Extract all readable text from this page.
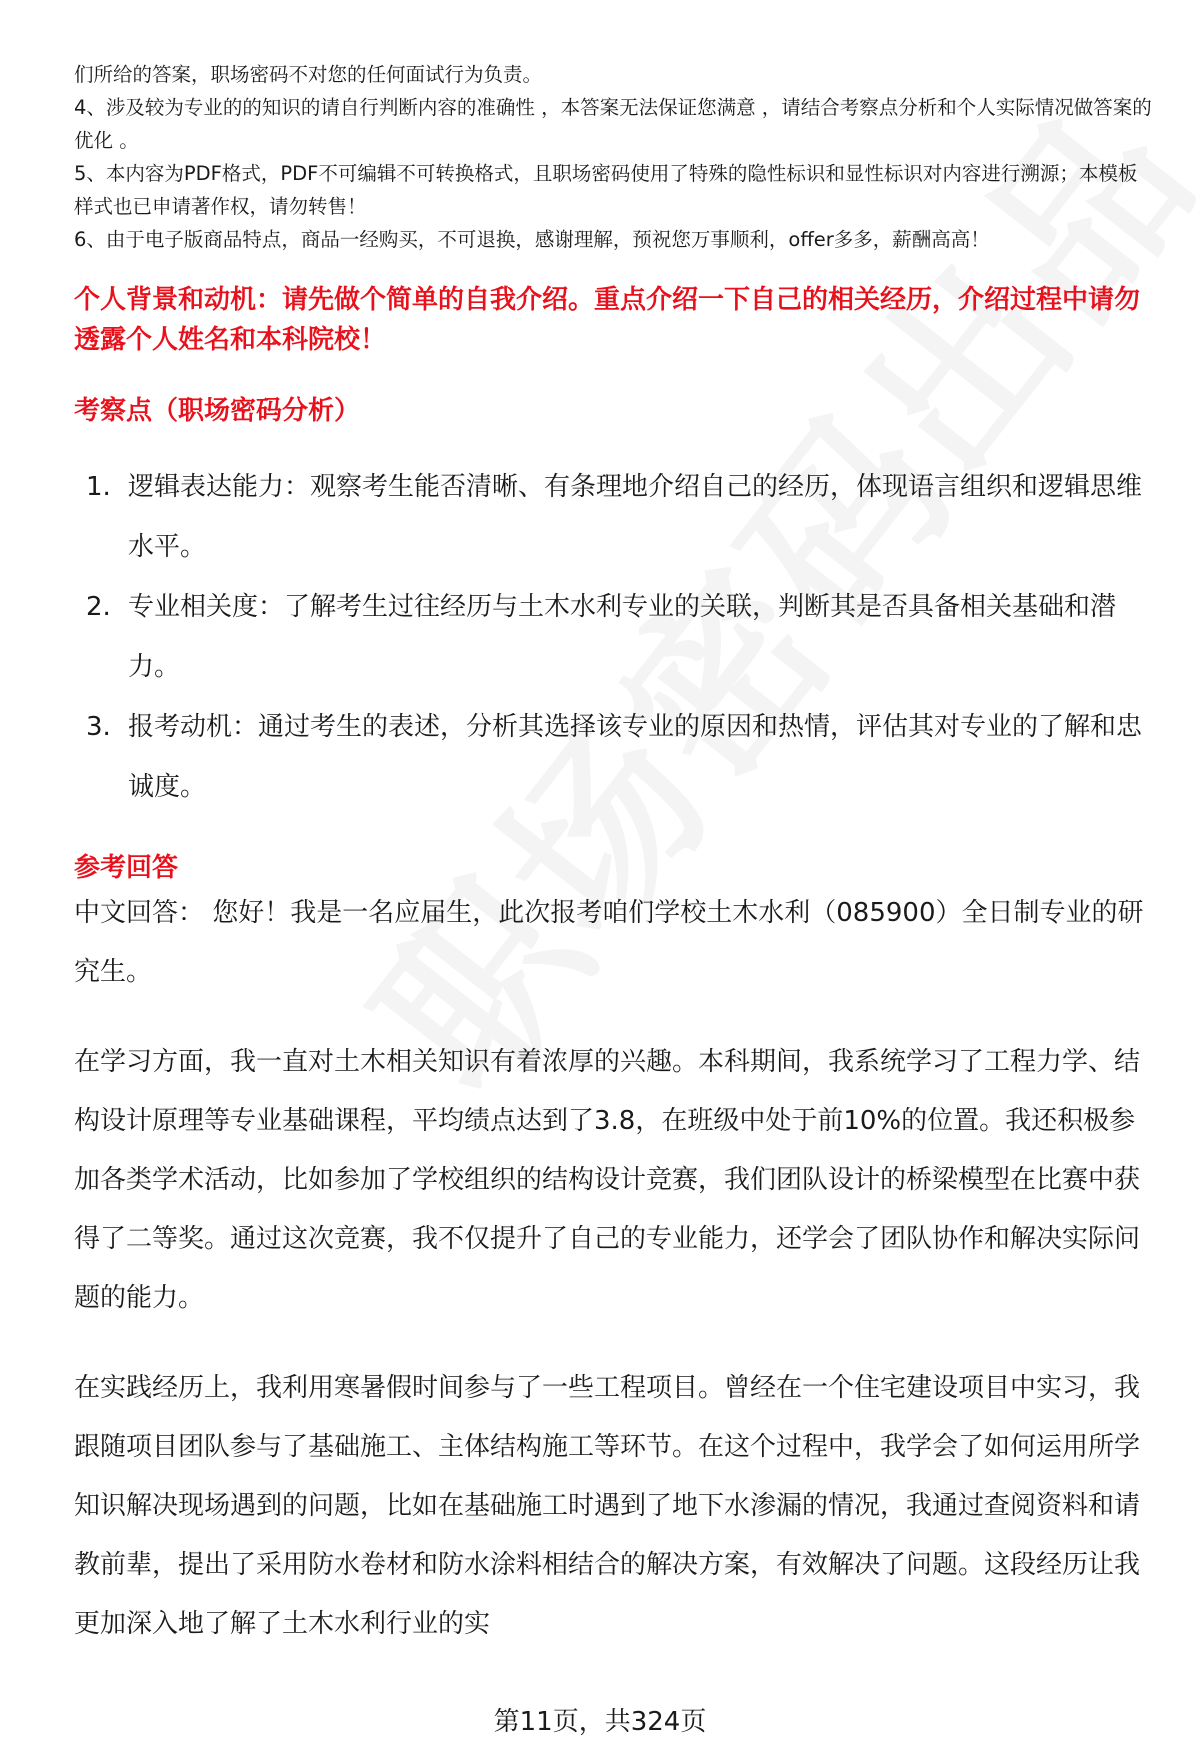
们所给的答案，职场密码不对您的任何面试行为负责。

4、涉及较为专业的的知识的请自行判断内容的准确性 ，本答案无法保证您满意 ，请结合考察点分析和个人实际情况做答案的优化 。

5、本内容为PDF格式，PDF不可编辑不可转换格式，且职场密码使用了特殊的隐性标识和显性标识对内容进行溯源；本模板样式也已申请著作权，请勿转售！

6、由于电子版商品特点，商品一经购买，不可退换，感谢理解，预祝您万事顺利，offer多多，薪酬高高！

个人背景和动机：请先做个简单的自我介绍。重点介绍一下自己的相关经历，介绍过程中请勿透露个人姓名和本科院校！
考察点（职场密码分析）
1. 逻辑表达能力：观察考生能否清晰、有条理地介绍自己的经历，体现语言组织和逻辑思维水平。
2. 专业相关度：了解考生过往经历与土木水利专业的关联，判断其是否具备相关基础和潜力。
3. 报考动机：通过考生的表述，分析其选择该专业的原因和热情，评估其对专业的了解和忠诚度。
参考回答

中文回答： 您好！我是一名应届生，此次报考咱们学校土木水利（085900）全日制专业的研究生。

在学习方面，我一直对土木相关知识有着浓厚的兴趣。本科期间，我系统学习了工程力学、结构设计原理等专业基础课程，平均绩点达到了3.8，在班级中处于前10%的位置。我还积极参加各类学术活动，比如参加了学校组织的结构设计竞赛，我们团队设计的桥梁模型在比赛中获得了二等奖。通过这次竞赛，我不仅提升了自己的专业能力，还学会了团队协作和解决实际问题的能力。

在实践经历上，我利用寒暑假时间参与了一些工程项目。曾经在一个住宅建设项目中实习，我跟随项目团队参与了基础施工、主体结构施工等环节。在这个过程中，我学会了如何运用所学知识解决现场遇到的问题，比如在基础施工时遇到了地下水渗漏的情况，我通过查阅资料和请教前辈，提出了采用防水卷材和防水涂料相结合的解决方案，有效解决了问题。这段经历让我更加深入地了解了土木水利行业的实

第11页，共324页
